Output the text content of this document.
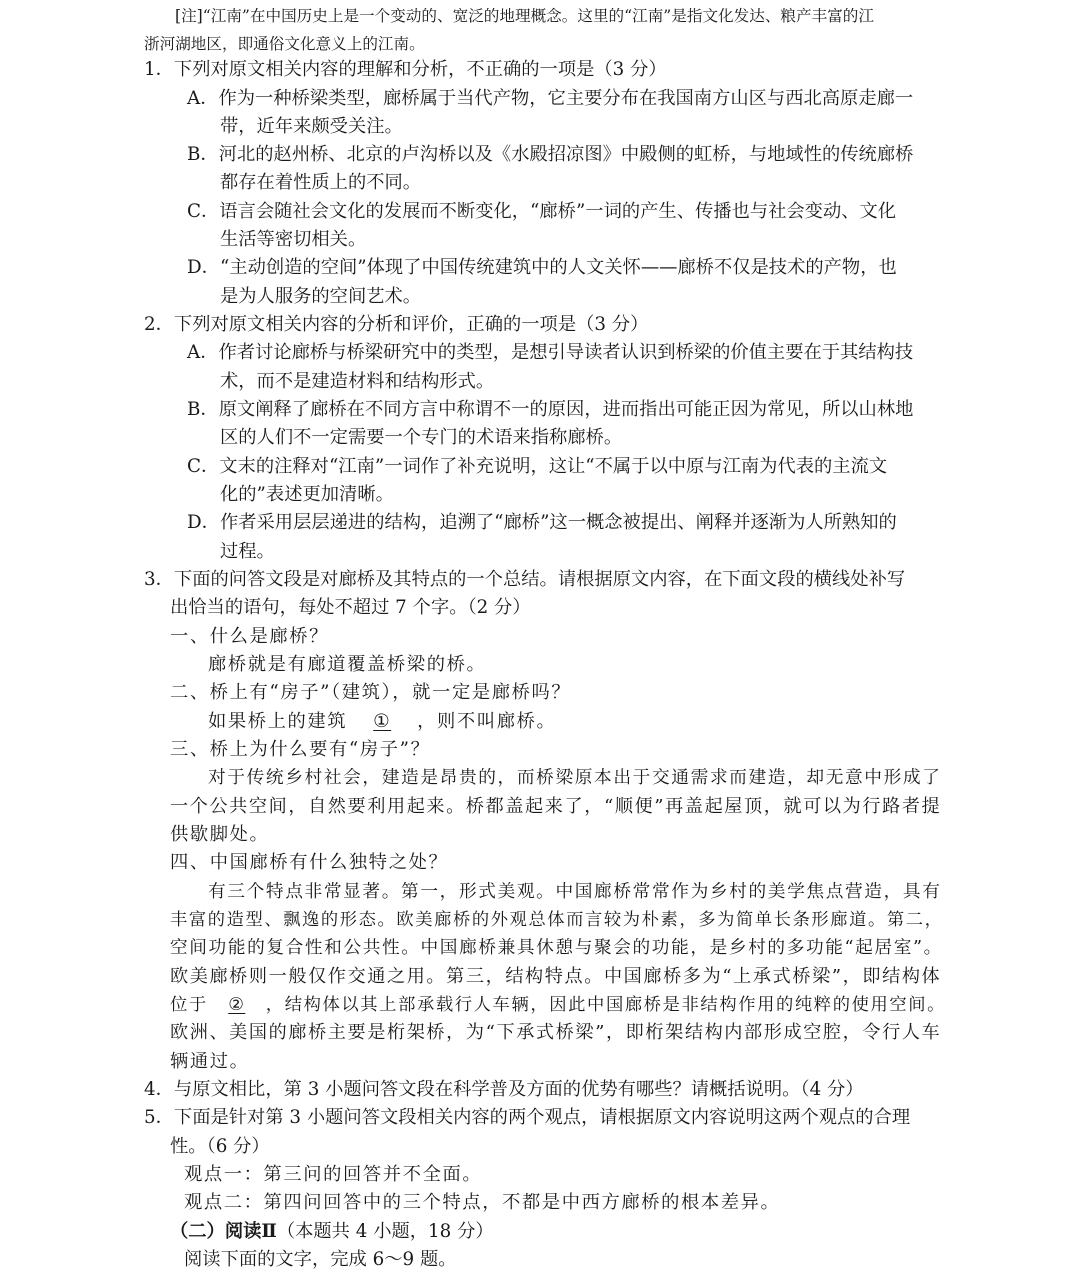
[注]“江南”在中国历史上是一个变动的、宽泛的地理概念。这里的“江南”是指文化发达、粮产丰富的江
浙河湖地区，即通俗文化意义上的江南。
1．下列对原文相关内容的理解和分析，不正确的一项是（3 分）
A．作为一种桥梁类型，廊桥属于当代产物，它主要分布在我国南方山区与西北高原走廊一
带，近年来颇受关注。
B．河北的赵州桥、北京的卢沟桥以及《水殿招凉图》中殿侧的虹桥，与地域性的传统廊桥
都存在着性质上的不同。
C．语言会随社会文化的发展而不断变化，“廊桥”一词的产生、传播也与社会变动、文化
生活等密切相关。
D．“主动创造的空间”体现了中国传统建筑中的人文关怀——廊桥不仅是技术的产物，也
是为人服务的空间艺术。
2．下列对原文相关内容的分析和评价，正确的一项是（3 分）
A．作者讨论廊桥与桥梁研究中的类型，是想引导读者认识到桥梁的价值主要在于其结构技
术，而不是建造材料和结构形式。
B．原文阐释了廊桥在不同方言中称谓不一的原因，进而指出可能正因为常见，所以山林地
区的人们不一定需要一个专门的术语来指称廊桥。
C．文末的注释对“江南”一词作了补充说明，这让“不属于以中原与江南为代表的主流文
化的”表述更加清晰。
D．作者采用层层递进的结构，追溯了“廊桥”这一概念被提出、阐释并逐渐为人所熟知的
过程。
3．下面的问答文段是对廊桥及其特点的一个总结。请根据原文内容，在下面文段的横线处补写
出恰当的语句，每处不超过 7 个字。（2 分）
一、什么是廊桥？
廊桥就是有廊道覆盖桥梁的桥。
二、桥上有“房子”（建筑），就一定是廊桥吗？
如果桥上的建筑 ① ，则不叫廊桥。
三、桥上为什么要有“房子”？
对于传统乡村社会，建造是昂贵的，而桥梁原本出于交通需求而建造，却无意中形成了
一个公共空间，自然要利用起来。桥都盖起来了，“顺便”再盖起屋顶，就可以为行路者提
供歇脚处。
四、中国廊桥有什么独特之处？
有三个特点非常显著。第一，形式美观。中国廊桥常常作为乡村的美学焦点营造，具有
丰富的造型、飘逸的形态。欧美廊桥的外观总体而言较为朴素，多为简单长条形廊道。第二，
空间功能的复合性和公共性。中国廊桥兼具休憩与聚会的功能，是乡村的多功能“起居室”。
欧美廊桥则一般仅作交通之用。第三，结构特点。中国廊桥多为“上承式桥梁”，即结构体
位于 ② ，结构体以其上部承载行人车辆，因此中国廊桥是非结构作用的纯粹的使用空间。
欧洲、美国的廊桥主要是桁架桥，为“下承式桥梁”，即桁架结构内部形成空腔，令行人车
辆通过。
4．与原文相比，第 3 小题问答文段在科学普及方面的优势有哪些？请概括说明。（4 分）
5．下面是针对第 3 小题问答文段相关内容的两个观点，请根据原文内容说明这两个观点的合理
性。（6 分）
观点一：第三问的回答并不全面。
观点二：第四问回答中的三个特点，不都是中西方廊桥的根本差异。
（二）阅读Ⅱ（本题共 4 小题，18 分）
阅读下面的文字，完成 6～9 题。
